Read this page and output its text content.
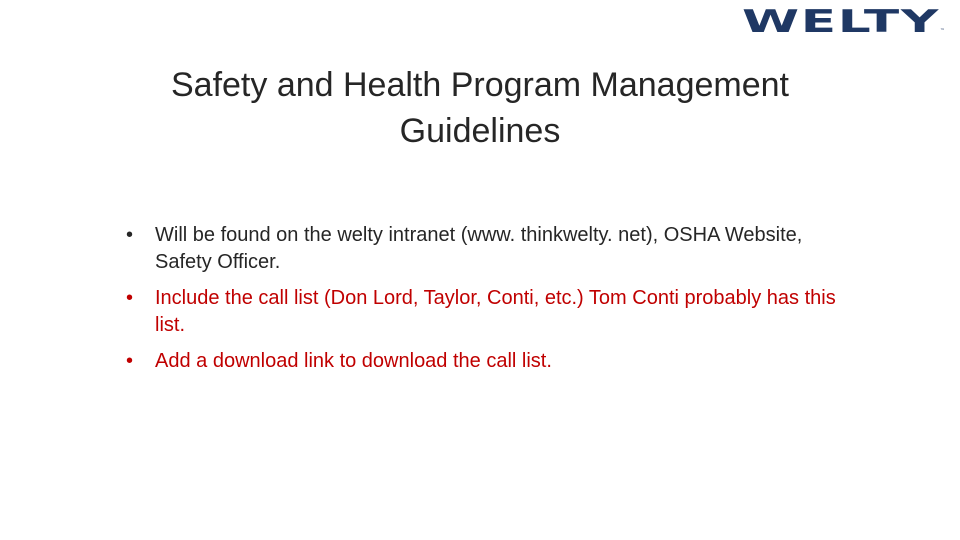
WELTY ™
Safety and Health Program Management Guidelines
• Will be found on the welty intranet (www. thinkwelty. net), OSHA Website, Safety Officer.
• Include the call list (Don Lord, Taylor, Conti, etc.) Tom Conti probably has this list.
• Add a download link to download the call list.
